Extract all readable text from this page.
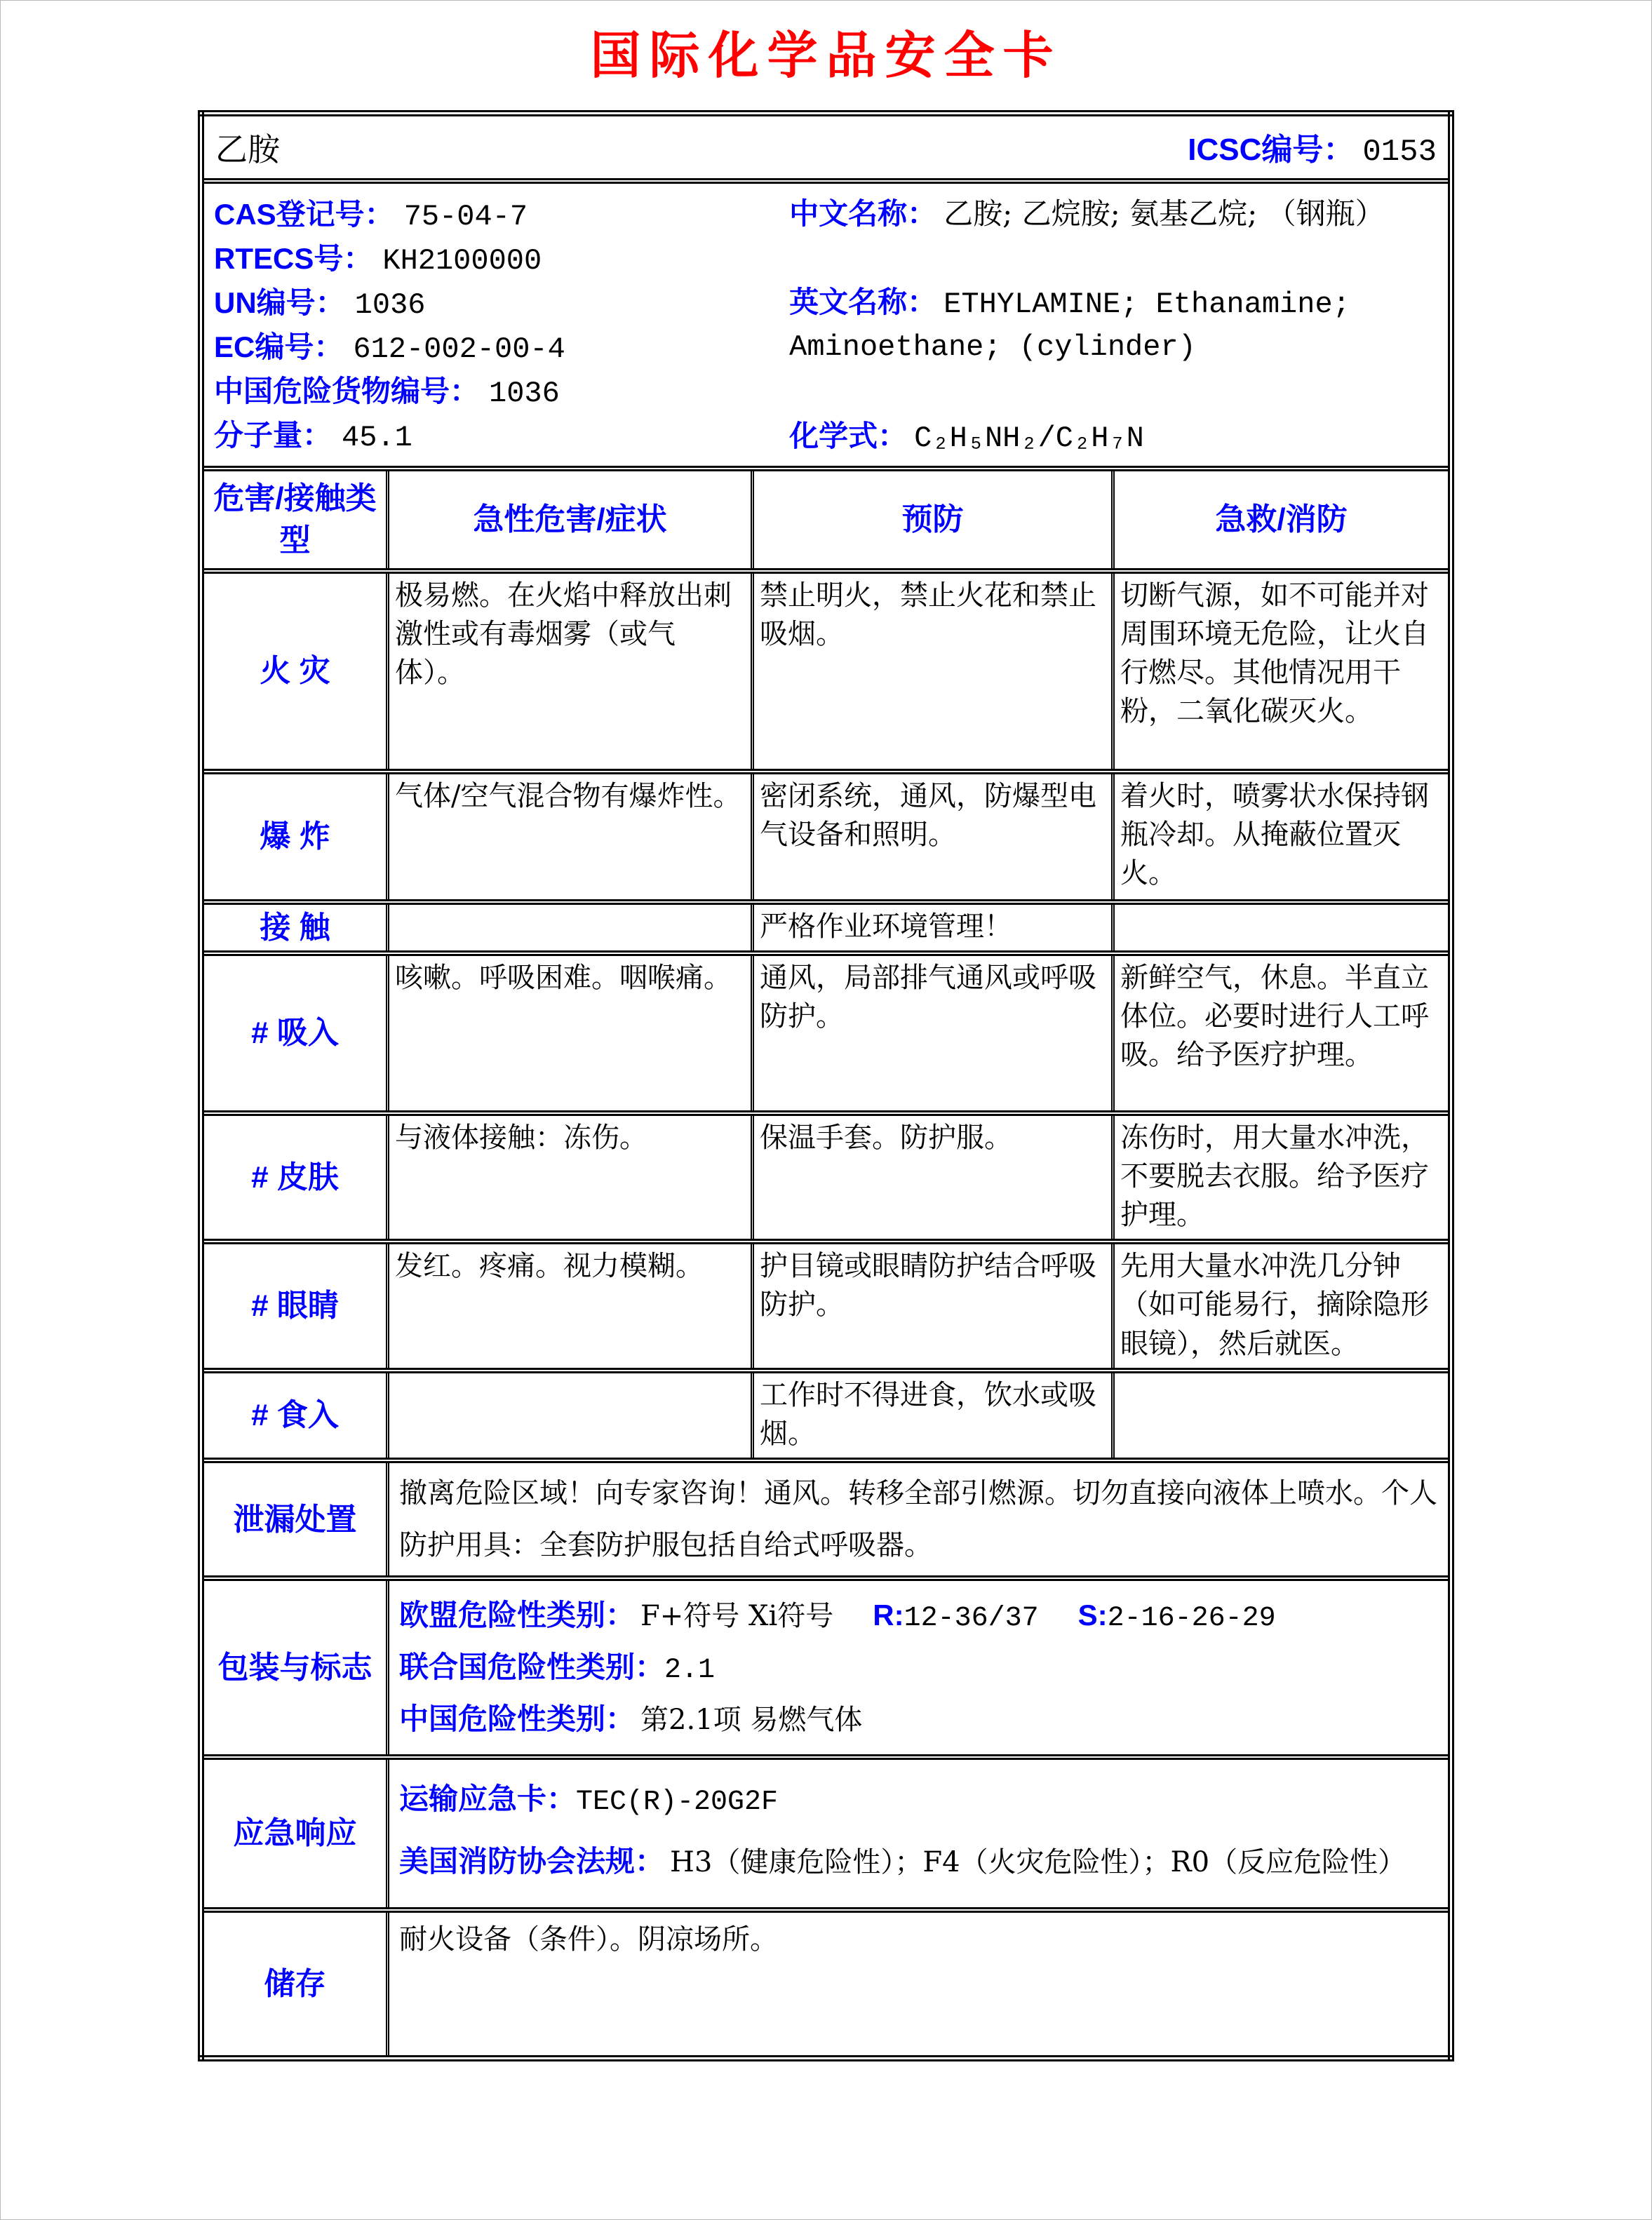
国际化学品安全卡
乙胺 ICSC编号： 0153			

CAS登记号： 75-04-7
RTECS号： KH2100000
UN编号： 1036
EC编号： 612-002-00-4
中国危险货物编号： 1036
分子量： 45.1
中文名称： 乙胺; 乙烷胺; 氨基乙烷; （钢瓶）
英文名称： ETHYLAMINE; Ethanamine; Aminoethane; (cylinder)
化学式： C₂H₅NH₂/C₂H₇N

危害/接触类型	急性危害/症状	预防	急救/消防
火 灾	极易燃。在火焰中释放出刺激性或有毒烟雾（或气体）。	禁止明火，禁止火花和禁止吸烟。	切断气源，如不可能并对周围环境无危险，让火自行燃尽。其他情况用干粉，二氧化碳灭火。
爆 炸	气体/空气混合物有爆炸性。	密闭系统，通风，防爆型电气设备和照明。	着火时，喷雾状水保持钢瓶冷却。从掩蔽位置灭火。
接 触		严格作业环境管理！	
# 吸入	咳嗽。呼吸困难。咽喉痛。	通风，局部排气通风或呼吸防护。	新鲜空气，休息。半直立体位。必要时进行人工呼吸。给予医疗护理。
# 皮肤	与液体接触：冻伤。	保温手套。防护服。	冻伤时，用大量水冲洗，不要脱去衣服。给予医疗护理。
# 眼睛	发红。疼痛。视力模糊。	护目镜或眼睛防护结合呼吸防护。	先用大量水冲洗几分钟（如可能易行，摘除隐形眼镜），然后就医。
# 食入		工作时不得进食，饮水或吸烟。	
泄漏处置	撤离危险区域！向专家咨询！通风。转移全部引燃源。切勿直接向液体上喷水。个人防护用具：全套防护服包括自给式呼吸器。		

包装与标志	欧盟危险性类别： F+符号 Xi符号 R:12-36/37 S:2-16-26-29
联合国危险性类别：2.1
中国危险性类别： 第2.1项 易燃气体		

应急响应	运输应急卡：TEC(R)-20G2F
美国消防协会法规： H3（健康危险性）；F4（火灾危险性）；R0（反应危险性）		

储存	耐火设备（条件）。阴凉场所。		
